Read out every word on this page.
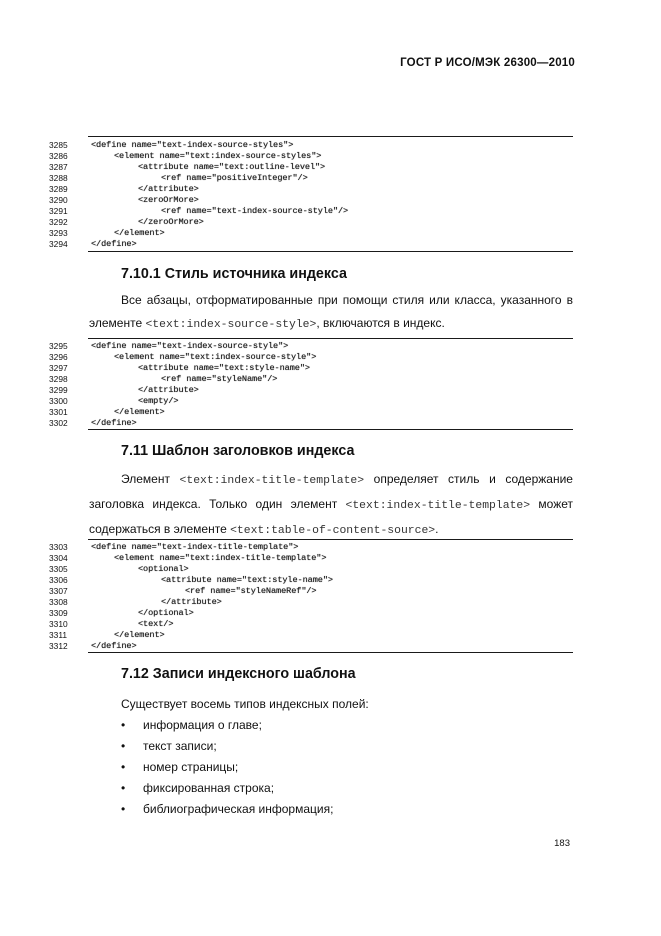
ГОСТ Р ИСО/МЭК 26300—2010
3285	<define name="text-index-source-styles">
3286	<element name="text:index-source-styles">
3287	<attribute name="text:outline-level">
3288	<ref name="positiveInteger"/>
3289	</attribute>
3290	<zeroOrMore>
3291	<ref name="text-index-source-style"/>
3292	</zeroOrMore>
3293	</element>
3294	</define>
7.10.1 Стиль источника индекса
Все абзацы, отформатированные при помощи стиля или класса, указанного в
элементе <text:index-source-style>, включаются в индекс.
3295	<define name="text-index-source-style">
3296	<element name="text:index-source-style">
3297	<attribute name="text:style-name">
3298	<ref name="styleName"/>
3299	</attribute>
3300	<empty/>
3301	</element>
3302	</define>
7.11 Шаблон заголовков индекса
Элемент <text:index-title-template> определяет стиль и содержание
заголовка индекса. Только один элемент <text:index-title-template> может
содержаться в элементе <text:table-of-content-source>.
3303	<define name="text-index-title-template">
3304	<element name="text:index-title-template">
3305	<optional>
3306	<attribute name="text:style-name">
3307	<ref name="styleNameRef"/>
3308	</attribute>
3309	</optional>
3310	<text/>
3311	</element>
3312	</define>
7.12 Записи индексного шаблона
Существует восемь типов индексных полей:
• информация о главе;
• текст записи;
• номер страницы;
• фиксированная строка;
• библиографическая информация;
183
